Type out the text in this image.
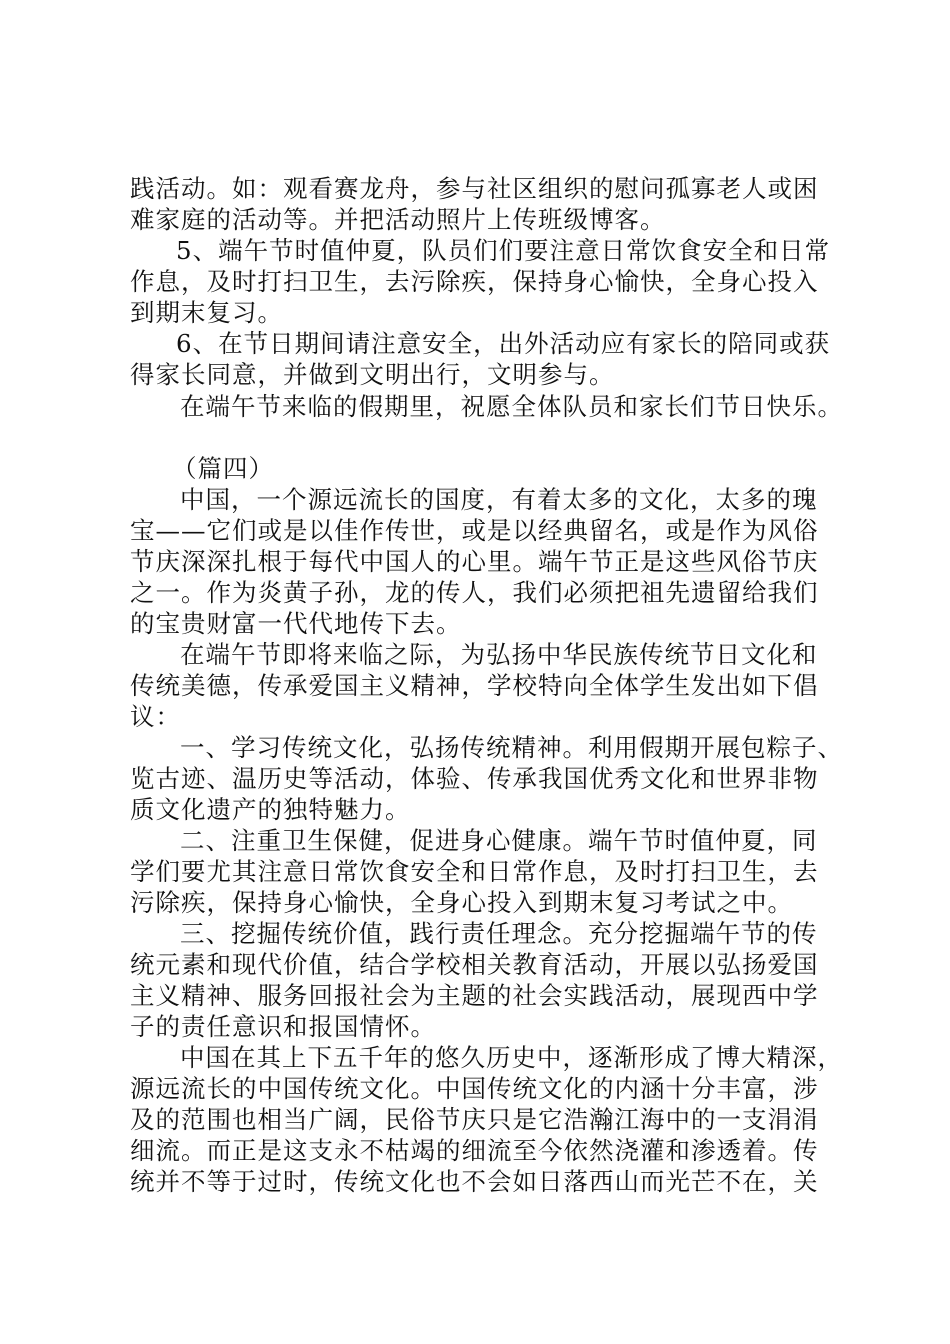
践活动。如：观看赛龙舟，参与社区组织的慰问孤寡老人或困
难家庭的活动等。并把活动照片上传班级博客。
5、端午节时值仲夏，队员们们要注意日常饮食安全和日常
作息，及时打扫卫生，去污除疾，保持身心愉快，全身心投入
到期末复习。
6、在节日期间请注意安全，出外活动应有家长的陪同或获
得家长同意，并做到文明出行，文明参与。
在端午节来临的假期里，祝愿全体队员和家长们节日快乐。
（篇四）
中国，一个源远流长的国度，有着太多的文化，太多的瑰
宝——它们或是以佳作传世，或是以经典留名，或是作为风俗
节庆深深扎根于每代中国人的心里。端午节正是这些风俗节庆
之一。作为炎黄子孙，龙的传人，我们必须把祖先遗留给我们
的宝贵财富一代代地传下去。
在端午节即将来临之际，为弘扬中华民族传统节日文化和
传统美德，传承爱国主义精神，学校特向全体学生发出如下倡
议：
一、学习传统文化，弘扬传统精神。利用假期开展包粽子、
览古迹、温历史等活动，体验、传承我国优秀文化和世界非物
质文化遗产的独特魅力。
二、注重卫生保健，促进身心健康。端午节时值仲夏，同
学们要尤其注意日常饮食安全和日常作息，及时打扫卫生，去
污除疾，保持身心愉快，全身心投入到期末复习考试之中。
三、挖掘传统价值，践行责任理念。充分挖掘端午节的传
统元素和现代价值，结合学校相关教育活动，开展以弘扬爱国
主义精神、服务回报社会为主题的社会实践活动，展现西中学
子的责任意识和报国情怀。
中国在其上下五千年的悠久历史中，逐渐形成了博大精深，
源远流长的中国传统文化。中国传统文化的内涵十分丰富，涉
及的范围也相当广阔，民俗节庆只是它浩瀚江海中的一支涓涓
细流。而正是这支永不枯竭的细流至今依然浇灌和渗透着。传
统并不等于过时，传统文化也不会如日落西山而光芒不在，关
